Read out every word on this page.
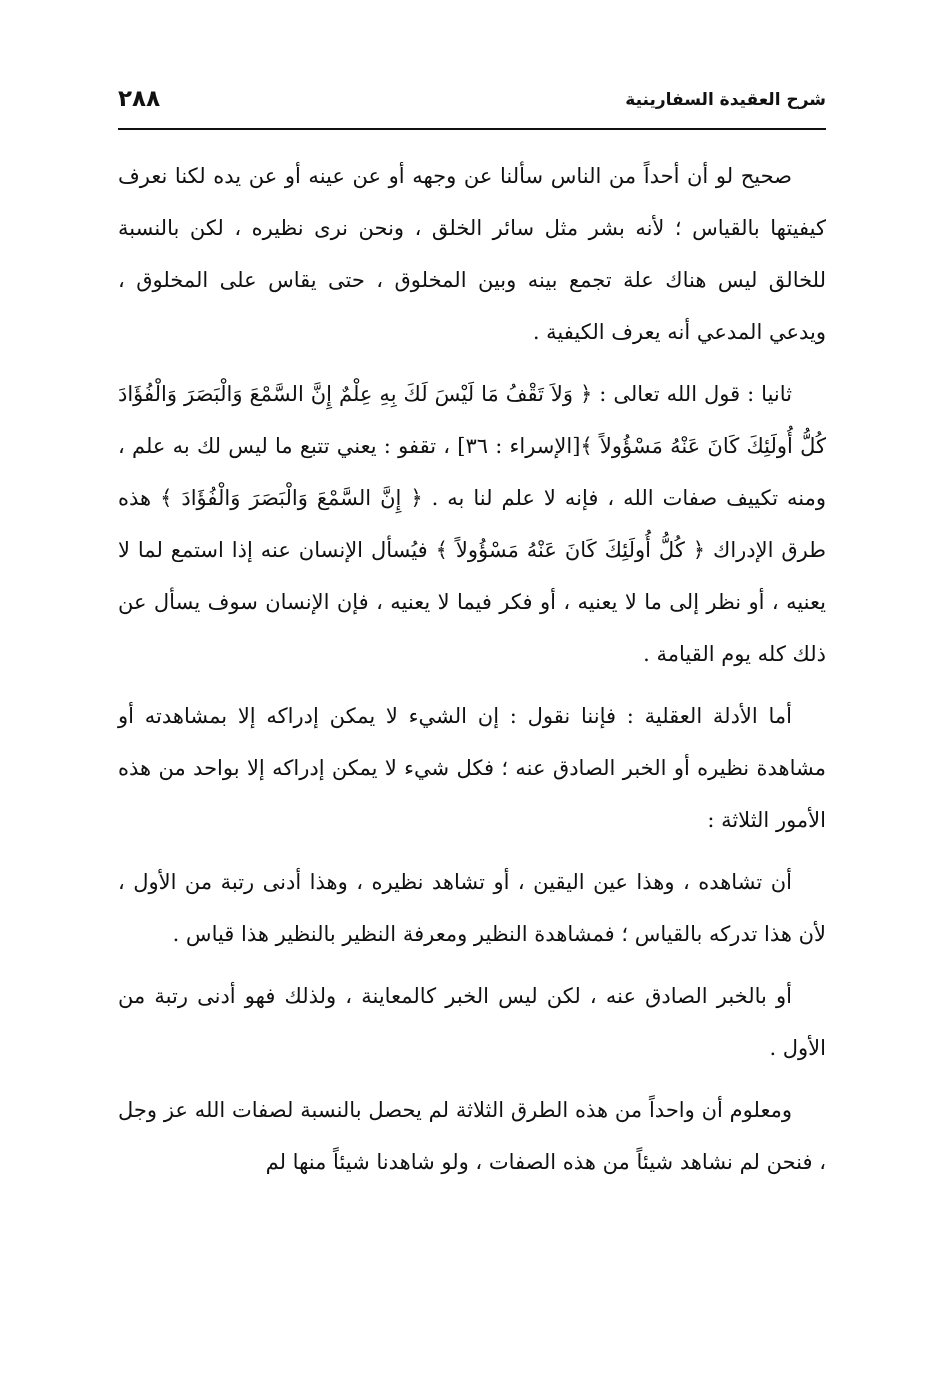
شرح العقيدة السفارينية
٢٨٨

صحيح لو أن أحداً من الناس سألنا عن وجهه أو عن عينه أو عن يده لكنا نعرف كيفيتها بالقياس ؛ لأنه بشر مثل سائر الخلق ، ونحن نرى نظيره ، لكن بالنسبة للخالق ليس هناك علة تجمع بينه وبين المخلوق ، حتى يقاس على المخلوق ، ويدعي المدعي أنه يعرف الكيفية .

ثانيا : قول الله تعالى : ﴿ وَلاَ تَقْفُ مَا لَيْسَ لَكَ بِهِ عِلْمٌ إِنَّ السَّمْعَ وَالْبَصَرَ وَالْفُؤَادَ كُلُّ أُولَئِكَ كَانَ عَنْهُ مَسْؤُولاً ﴾[الإسراء : ٣٦] ، تقفو : يعني تتبع ما ليس لك به علم ، ومنه تكييف صفات الله ، فإنه لا علم لنا به . ﴿ إِنَّ السَّمْعَ وَالْبَصَرَ وَالْفُؤَادَ ﴾ هذه طرق الإدراك ﴿ كُلُّ أُولَئِكَ كَانَ عَنْهُ مَسْؤُولاً ﴾ فيُسأل الإنسان عنه إذا استمع لما لا يعنيه ، أو نظر إلى ما لا يعنيه ، أو فكر فيما لا يعنيه ، فإن الإنسان سوف يسأل عن ذلك كله يوم القيامة .

أما الأدلة العقلية : فإننا نقول : إن الشيء لا يمكن إدراكه إلا بمشاهدته أو مشاهدة نظيره أو الخبر الصادق عنه ؛ فكل شيء لا يمكن إدراكه إلا بواحد من هذه الأمور الثلاثة :

أن تشاهده ، وهذا عين اليقين ، أو تشاهد نظيره ، وهذا أدنى رتبة من الأول ، لأن هذا تدركه بالقياس ؛ فمشاهدة النظير ومعرفة النظير بالنظير هذا قياس .

أو بالخبر الصادق عنه ، لكن ليس الخبر كالمعاينة ، ولذلك فهو أدنى رتبة من الأول .

ومعلوم أن واحداً من هذه الطرق الثلاثة لم يحصل بالنسبة لصفات الله عز وجل ، فنحن لم نشاهد شيئاً من هذه الصفات ، ولو شاهدنا شيئاً منها لم
